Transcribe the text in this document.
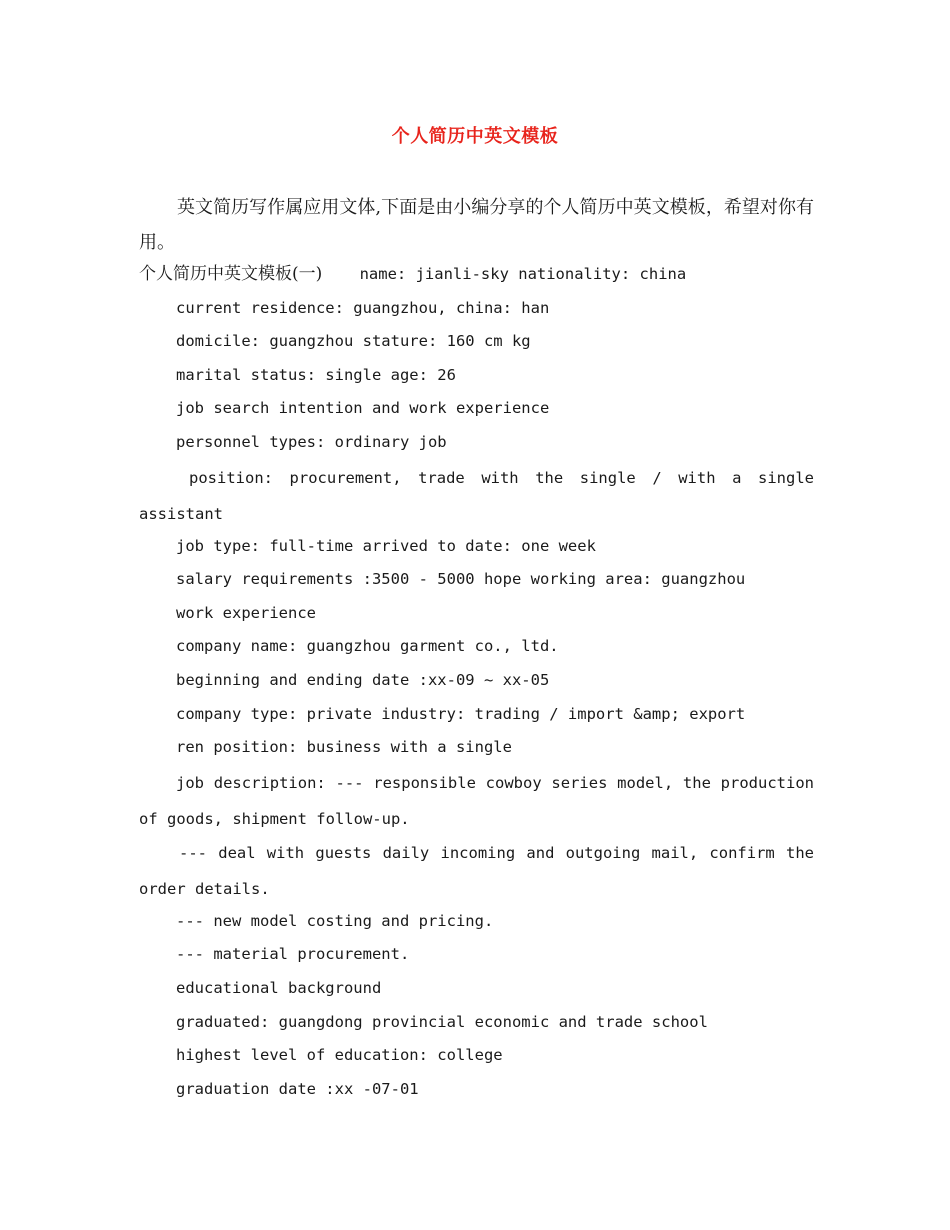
个人简历中英文模板

英文简历写作属应用文体,下面是由小编分享的个人简历中英文模板，希望对你有用。

个人简历中英文模板(一)    name: jianli-sky nationality: china
current residence: guangzhou, china: han
domicile: guangzhou stature: 160 cm kg
marital status: single age: 26
job search intention and work experience
personnel types: ordinary job

position: procurement, trade with the single / with a single assistant

job type: full-time arrived to date: one week
salary requirements :3500 - 5000 hope working area: guangzhou
work experience
company name: guangzhou garment co., ltd.
beginning and ending date :xx-09 ~ xx-05
company type: private industry: trading / import &amp; export
ren position: business with a single

job description: --- responsible cowboy series model, the production of goods, shipment follow-up.

--- deal with guests daily incoming and outgoing mail, confirm the order details.

--- new model costing and pricing.
--- material procurement.
educational background
graduated: guangdong provincial economic and trade school
highest level of education: college
graduation date :xx -07-01
